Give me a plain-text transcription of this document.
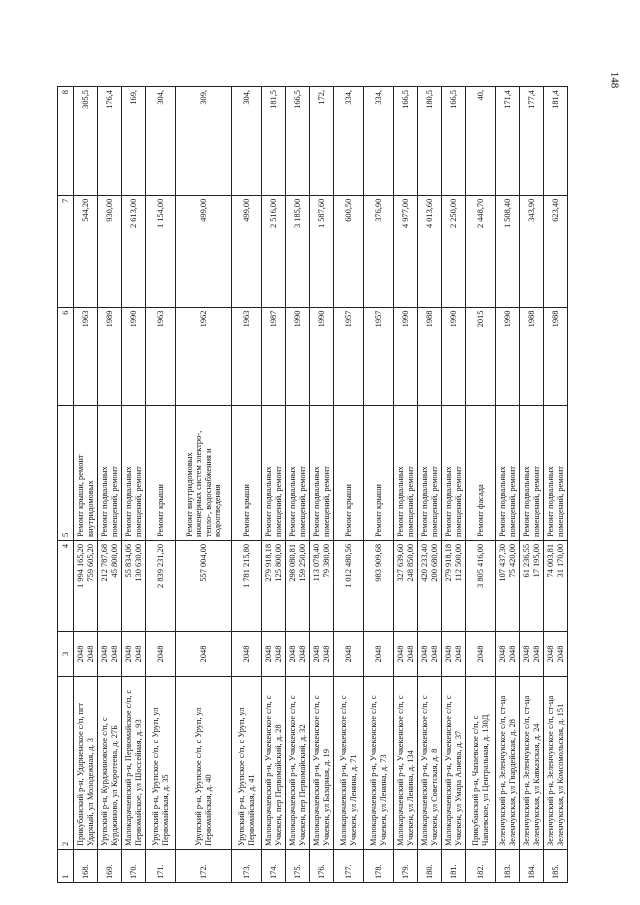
148
1	2	3	4	5	6	7	8
168.	Прикубанский р-н, Ударненское с/п, пгт Ударный, ул Молодежная, д. 3	2048 2048	1 994 165,20 759 605,20	Ремонт крыши, ремонт внутридомовых	1963	544,20	305,5
169.	Урупский р-н, Курджиновское с/п, с Курджиново, ул Коротеева, д. 27Б	2048 2048	212 787,68 45 800,00	Ремонт подвальных помещений, ремонт	1989	930,00	176,4
170.	Малокарачаевский р-н, Первомайское с/п, с Первомайское, ул Шоссейная, д. 93	2048 2048	55 834,06 130 630,00	Ремонт подвальных помещений, ремонт	1990	2 613,00	169,
171.	Урупский р-н, Урупское с/п, с Уруп, ул Первомайская, д. 35	2048	2 839 231,20	Ремонт крыши	1963	1 154,00	304,
172.	Урупский р-н, Урупское с/п, с Уруп, ул Первомайская, д. 40	2048	557 004,00	Ремонт внутридомовых инженерных систем электро-, тепло-, водоснабжения и водоотведения	1962	499,00	309,
173.	Урупский р-н, Урупское с/п, с Уруп, ул Первомайская, д. 41	2048	1 781 215,80	Ремонт крыши	1963	499,00	304,
174.	Малокарачаевский р-н, Учкекенское с/п, с Учкекен, пер Первомайский, д. 28	2048 2048	279 918,18 125 800,00	Ремонт подвальных помещений, ремонт	1987	2 516,00	181,5
175.	Малокарачаевский р-н, Учкекенское с/п, с Учкекен, пер Первомайский, д. 32	2048 2048	298 080,81 159 250,00	Ремонт подвальных помещений, ремонт	1990	3 185,00	166,5
176.	Малокарачаевский р-н, Учкекенское с/п, с Учкекен, ул Базарная, д. 19	2048 2048	113 078,40 79 380,00	Ремонт подвальных помещений, ремонт	1990	1 587,60	172,
177.	Малокарачаевский р-н, Учкекенское с/п, с Учкекен, ул Ленина, д. 71	2048	1 012 480,56	Ремонт крыши	1957	600,50	334,
178.	Малокарачаевский р-н, Учкекенское с/п, с Учкекен, ул Ленина, д. 73	2048	983 909,68	Ремонт крыши	1957	376,90	334,
179.	Малокарачаевский р-н, Учкекенское с/п, с Учкекен, ул Ленина, д. 134	2048 2048	327 639,60 248 850,00	Ремонт подвальных помещений, ремонт	1990	4 977,00	166,5
180.	Малокарачаевский р-н, Учкекенское с/п, с Учкекен, ул Советская, д. 8	2048 2048	420 233,40 200 680,00	Ремонт подвальных помещений, ремонт	1988	4 013,60	180,5
181.	Малокарачаевский р-н, Учкекенское с/п, с Учкекен, ул Умара Алиева, д. 37	2048 2048	279 918,18 112 500,00	Ремонт подвальных помещений, ремонт	1990	2 250,00	166,5
182.	Прикубанский р-н, Чапаевское с/п, с Чапаевское, ул Центральная, д. 130Д	2048	3 805 416,00	Ремонт фасада	2015	2 448,70	40,
183.	Зеленчукский р-н, Зеленчукское с/п, ст-ца Зеленчукская, ул Гвардейская, д. 28	2048 2048	107 437,30 75 420,00	Ремонт подвальных помещений, ремонт	1990	1 508,40	171,4
184.	Зеленчукский р-н, Зеленчукское с/п, ст-ца Зеленчукская, ул Кавказская, д. 24	2048 2048	61 236,55 17 195,00	Ремонт подвальных помещений, ремонт	1988	343,90	177,4
185.	Зеленчукский р-н, Зеленчукское с/п, ст-ца Зеленчукская, ул Комсомольская, д. 151	2048 2048	74 003,81 31 170,00	Ремонт подвальных помещений, ремонт	1988	623,40	181,4
